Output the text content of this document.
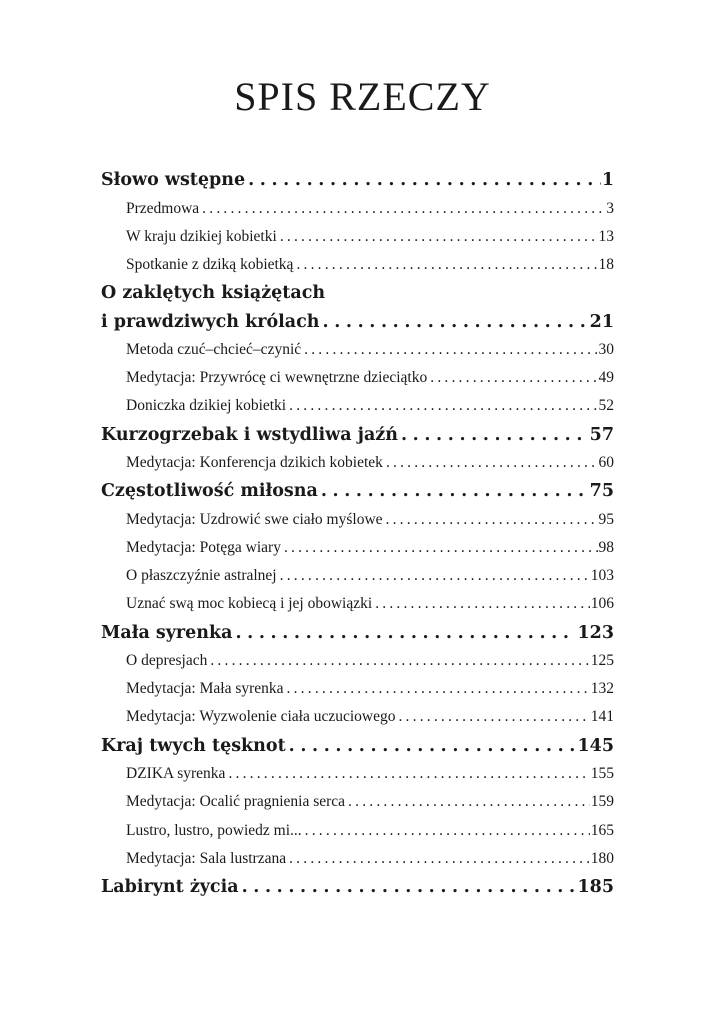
SPIS RZECZY
Słowo wstępne .....	1
Przedmowa .....	3
W kraju dzikiej kobietki .....	13
Spotkanie z dziką kobietką .....	18
O zaklętych książętach
i prawdziwych królach .....	21
Metoda czuć–chcieć–czynić .....	30
Medytacja: Przywrócę ci wewnętrzne dzieciątko .....	49
Doniczka dzikiej kobietki .....	52
Kurzogrzebak i wstydliwa jaźń .....	57
Medytacja: Konferencja dzikich kobietek .....	60
Częstotliwość miłosna .....	75
Medytacja: Uzdrowić swe ciało myślowe .....	95
Medytacja: Potęga wiary .....	98
O płaszczyźnie astralnej .....	103
Uznać swą moc kobiecą i jej obowiązki .....	106
Mała syrenka .....	123
O depresjach .....	125
Medytacja: Mała syrenka .....	132
Medytacja: Wyzwolenie ciała uczuciowego .....	141
Kraj twych tęsknot .....	145
DZIKA syrenka .....	155
Medytacja: Ocalić pragnienia serca .....	159
Lustro, lustro, powiedz mi... .....	165
Medytacja: Sala lustrzana .....	180
Labirynt życia .....	185
